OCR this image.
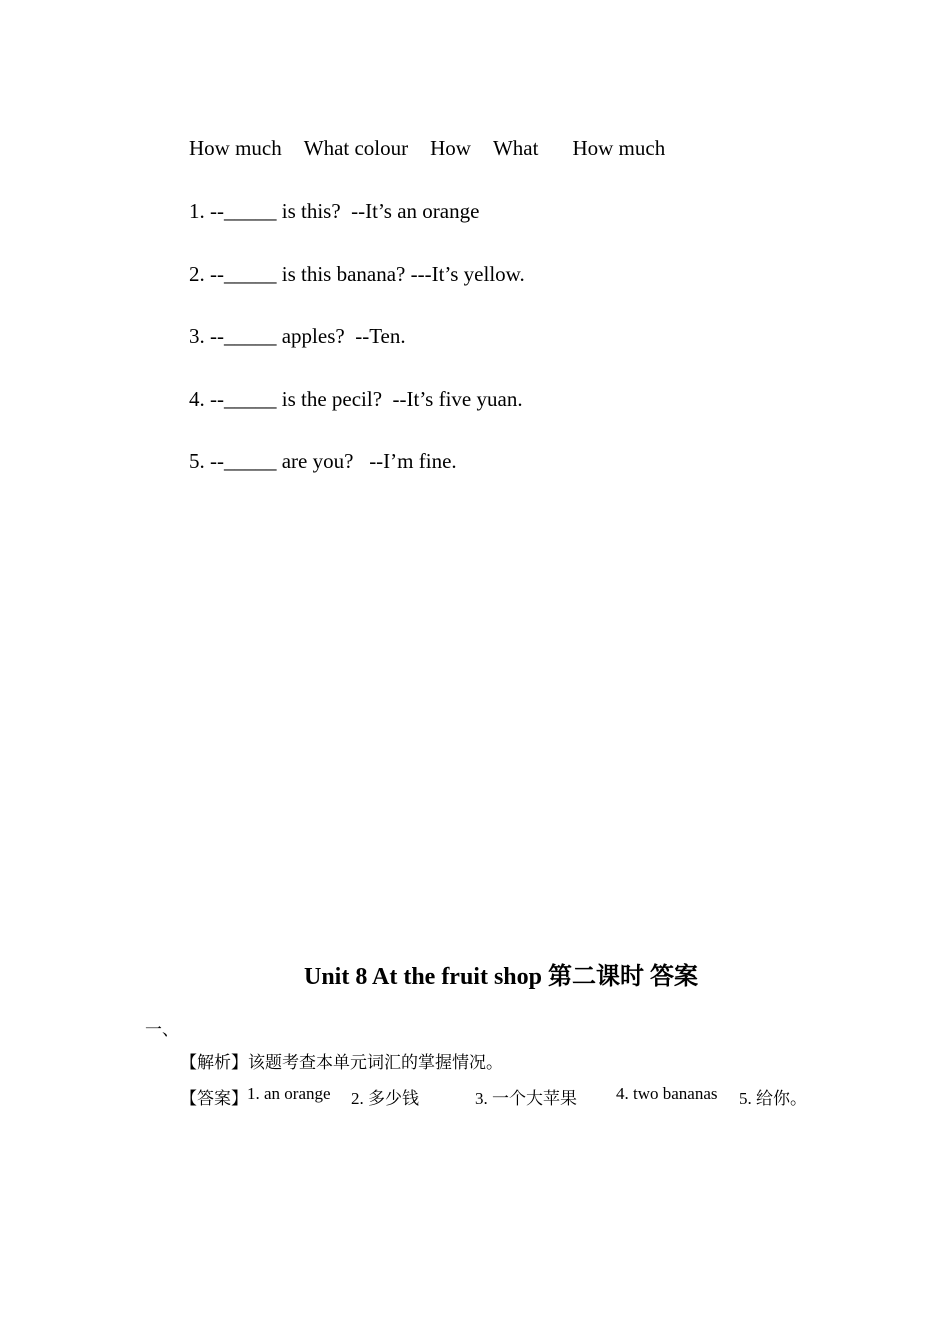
How much What colour How What How much
1. --_____ is this?  --It’s an orange
2. --_____ is this banana? ---It’s yellow.
3. --_____ apples?  --Ten.
4. --_____ is the pecil?  --It’s five yuan.
5. --_____ are you?   --I’m fine.
Unit 8 At the fruit shop 第二课时 答案
一、
【解析】该题考查本单元词汇的掌握情况。
【答案】 1. an orange 2. 多少钱	3. 一个大苹果 4. two bananas 5. 给你。
